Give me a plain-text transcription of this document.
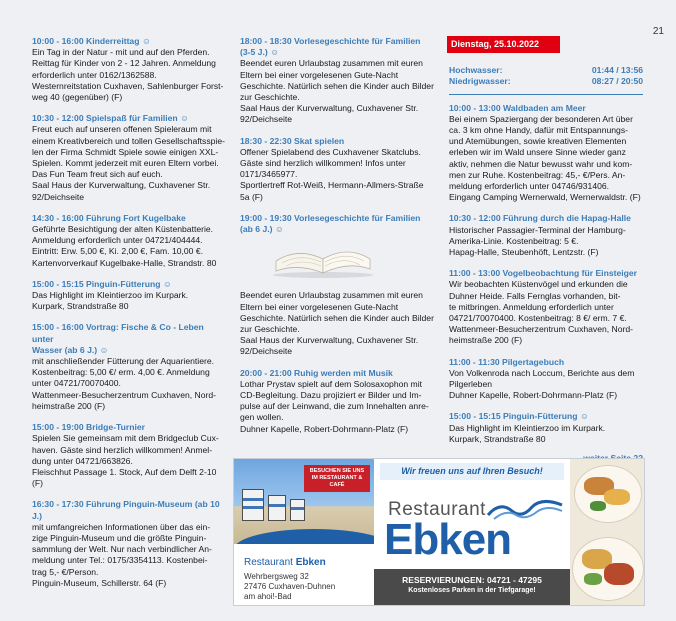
21
10:00 - 16:00 Kinderreittag ☺

Ein Tag in der Natur - mit und auf den Pferden.
Reittag für Kinder von 2 - 12 Jahren. Anmeldung
erforderlich unter 0162/1362588.
Westernreitstation Cuxhaven, Sahlenburger Forst-
weg 40 (gegenüber) (F)

10:30 - 12:00 Spielspaß für Familien ☺

Freut euch auf unseren offenen Spieleraum mit
einem Kreativbereich und tollen Gesellschaftsspie-
len der Firma Schmidt Spiele sowie einigen XXL-
Spielen. Kommt jederzeit mit euren Eltern vorbei.
Das Fun Team freut sich auf euch.
Saal Haus der Kurverwaltung, Cuxhavener Str.
92/Deichseite

14:30 - 16:00 Führung Fort Kugelbake

Geführte Besichtigung der alten Küstenbatterie.
Anmeldung erforderlich unter 04721/404444.
Eintritt: Erw. 5,00 €, Ki. 2,00 €, Fam. 10,00 €.
Kartenvorverkauf Kugelbake-Halle, Strandstr. 80

15:00 - 15:15 Pinguin-Fütterung ☺

Das Highlight im Kleintierzoo im Kurpark.
Kurpark, Strandstraße 80

15:00 - 16:00 Vortrag: Fische & Co - Leben unter
Wasser (ab 6 J.) ☺

mit anschließender Fütterung der Aquarientiere.
Kostenbeitrag: 5,00 €/ erm. 4,00 €. Anmeldung
unter 04721/70070400.
Wattenmeer-Besucherzentrum Cuxhaven, Nord-
heimstraße 200 (F)

15:00 - 19:00 Bridge-Turnier

Spielen Sie gemeinsam mit dem Bridgeclub Cux-
haven. Gäste sind herzlich willkommen! Anmel-
dung unter 04721/663826.
Fleischhut Passage 1. Stock, Auf dem Delft 2-10 (F)

16:30 - 17:30 Führung Pinguin-Museum (ab 10 J.)

mit umfangreichen Informationen über das ein-
zige Pinguin-Museum und die größte Pinguin-
sammlung der Welt. Nur nach verbindlicher An-
meldung unter Tel.: 0175/3354113. Kostenbei-
trag 5,- €/Person.
Pinguin-Museum, Schillerstr. 64 (F)

18:00 - 18:30 Vorlesegeschichte für Familien
(3-5 J.) ☺

Beendet euren Urlaubstag zusammen mit euren
Eltern bei einer vorgelesenen Gute-Nacht
Geschichte. Natürlich sehen die Kinder auch Bilder
zur Geschichte.
Saal Haus der Kurverwaltung, Cuxhavener Str.
92/Deichseite

18:30 - 22:30 Skat spielen

Offener Spielabend des Cuxhavener Skatclubs.
Gäste sind herzlich willkommen! Infos unter
0171/3465977.
Sportlertreff Rot-Weiß, Hermann-Allmers-Straße
5a (F)

19:00 - 19:30 Vorlesegeschichte für Familien
(ab 6 J.) ☺

Beendet euren Urlaubstag zusammen mit euren
Eltern bei einer vorgelesenen Gute-Nacht
Geschichte. Natürlich sehen die Kinder auch Bilder
zur Geschichte.
Saal Haus der Kurverwaltung, Cuxhavener Str.
92/Deichseite

20:00 - 21:00 Ruhig werden mit Musik

Lothar Prystav spielt auf dem Solosaxophon mit
CD-Begleitung. Dazu projiziert er Bilder und Im-
pulse auf der Leinwand, die zum Innehalten anre-
gen wollen.
Duhner Kapelle, Robert-Dohrmann-Platz (F)

Dienstag, 25.10.2022
Hochwasser:	01:44 / 13:56
Niedrigwasser:	08:27 / 20:50
10:00 - 13:00 Waldbaden am Meer

Bei einem Spaziergang der besonderen Art über
ca. 3 km ohne Handy, dafür mit Entspannungs-
und Atemübungen, sowie kreativen Elementen
erleben wir im Wald unsere Sinne wieder ganz
aktiv, nehmen die Natur bewusst wahr und kom-
men zur Ruhe. Kostenbeitrag: 45,- €/Pers. An-
meldung erforderlich unter 04746/931406.
Eingang Camping Wernerwald, Wernerwaldstr. (F)

10:30 - 12:00 Führung durch die Hapag-Halle

Historischer Passagier-Terminal der Hamburg-
Amerika-Linie. Kostenbeitrag: 5 €.
Hapag-Halle, Steubenhöft, Lentzstr. (F)

11:00 - 13:00 Vogelbeobachtung für Einsteiger

Wir beobachten Küstenvögel und erkunden die
Duhner Heide. Falls Fernglas vorhanden, bit-
te mitbringen. Anmeldung erforderlich unter
04721/70070400. Kostenbeitrag: 8 €/ erm. 7 €.
Wattenmeer-Besucherzentrum Cuxhaven, Nord-
heimstraße 200 (F)

11:00 - 11:30 Pilgertagebuch

Von Volkenroda nach Loccum, Berichte aus dem
Pilgerleben
Duhner Kapelle, Robert-Dohrmann-Platz (F)

15:00 - 15:15 Pinguin-Fütterung ☺

Das Highlight im Kleintierzoo im Kurpark.
Kurpark, Strandstraße 80

BESUCHEN SIE UNS IM RESTAURANT & CAFÉ
Restaurant Ebken
Wehrbergsweg 32
27476 Cuxhaven-Duhnen
am ahoi!-Bad
Wir freuen uns auf Ihren Besuch!
Restaurant
Ebken
RESERVIERUNGEN: 04721 - 47295
Kostenloses Parken in der Tiefgarage!
